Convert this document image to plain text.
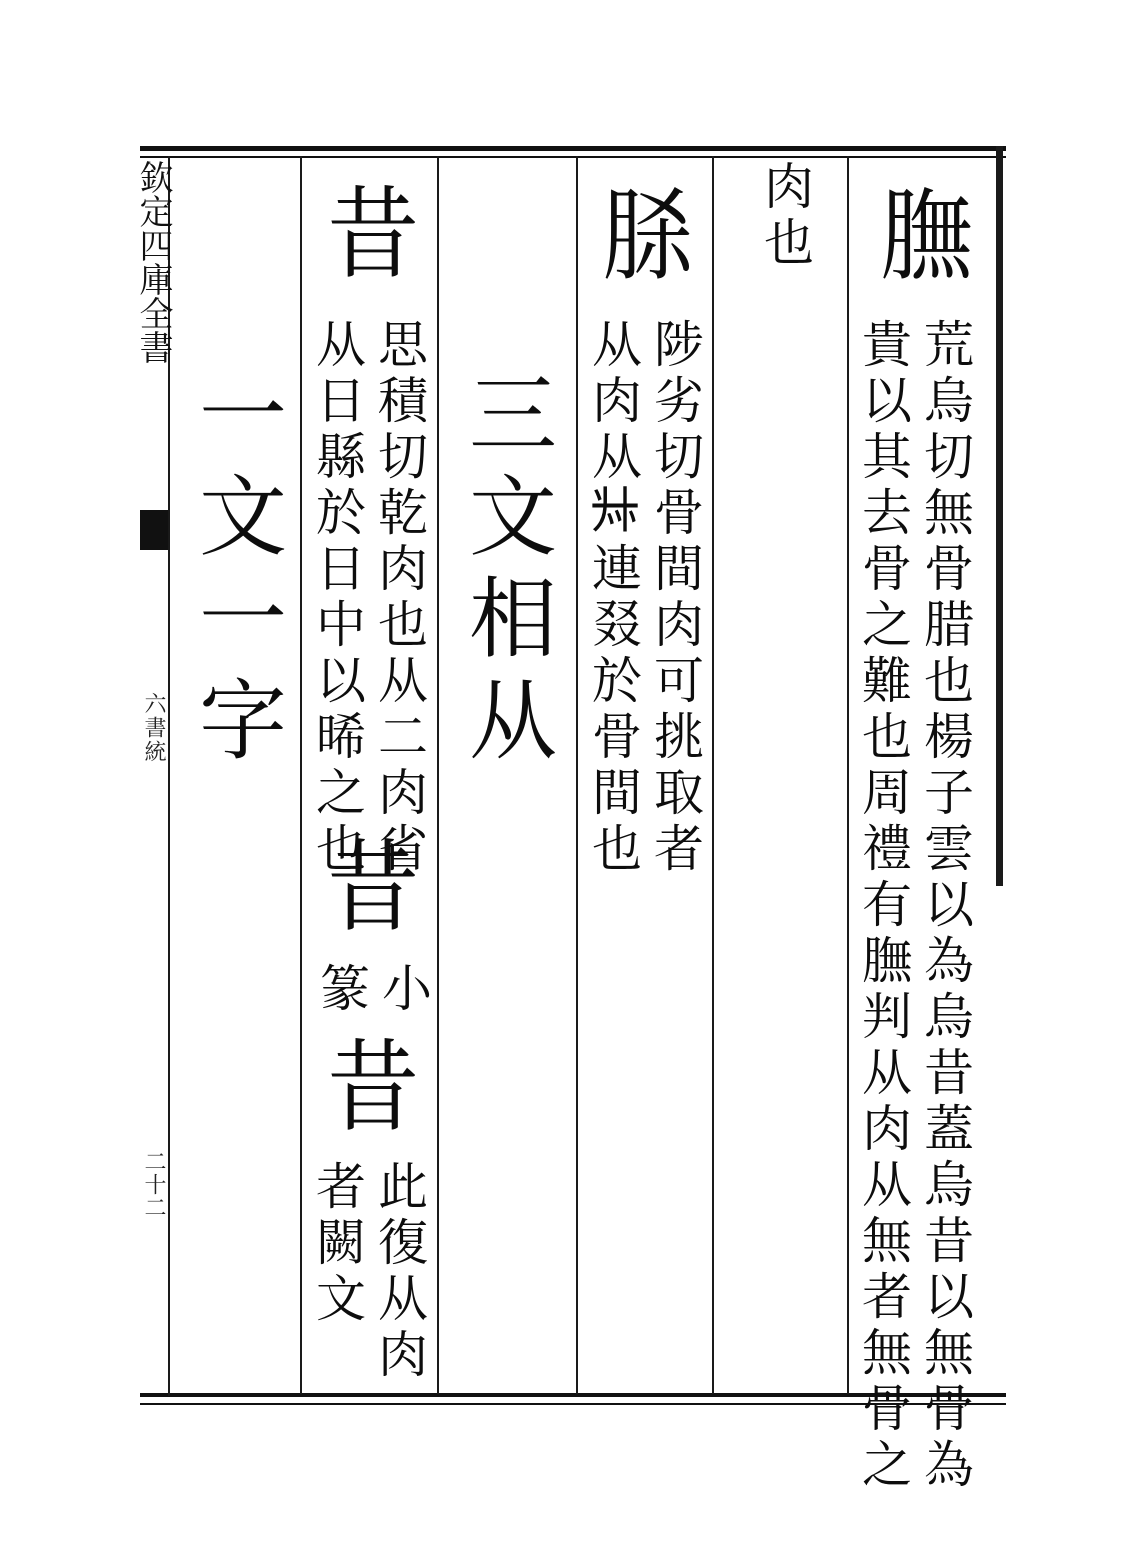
欽定四庫全書
六書統
二十二
膴
荒烏切無骨腊也楊子雲以為烏昔蓋烏昔以無骨為
貴以其去骨之難也周禮有膴判从肉从無者無骨之
肉也
脎
陟劣切骨間肉可挑取者
从肉从𠦑連叕於骨間也
三文相从
昔
思積切乾肉也从二肉省
从日縣於日中以晞之也
昔
小
篆
昔
此復从肉
者闕文
一文一字
